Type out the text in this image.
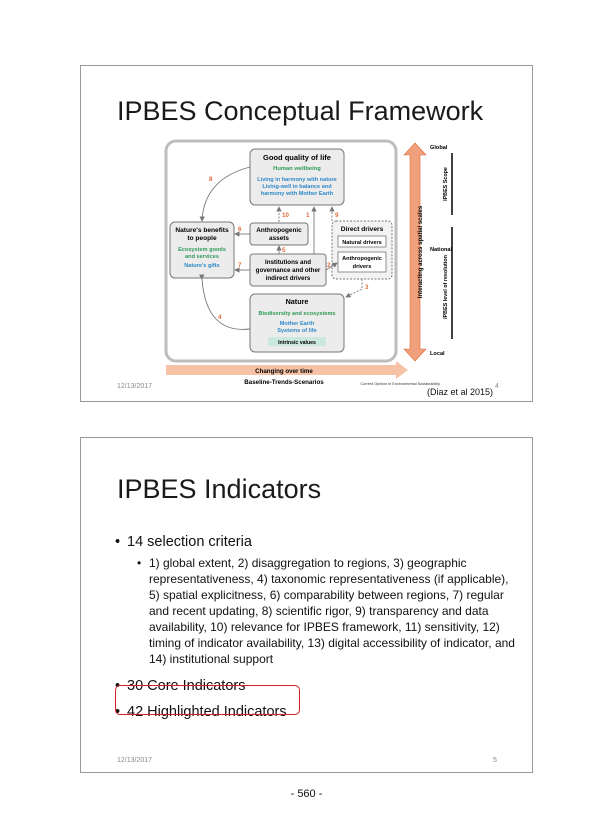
IPBES Conceptual Framework
Good quality of life
Human wellbeing
Living in harmony with nature
Living-well in balance and
harmony with Mother Earth
Nature's benefits
to people
Ecosystem goods
and services
Nature's gifts
Anthropogenic
assets
Institutions and
governance and other
indirect drivers
Direct drivers
Natural drivers
Anthropogenic
drivers
Nature
Biodiversity and ecosystems
Mother Earth
Systems of life
Intrinsic values
8
10	1	9
6
5
7	2
3
4
Interacting across spatial scales
Global
National
Local
IPBES Scope
IPBES level of resolution
Changing over time
Baseline-Trends-Scenarios	Current Opinion in Environmental Sustainability
12/13/2017	4
(Diaz et al 2015)
IPBES Indicators
• 14 selection criteria
• 1) global extent, 2) disaggregation to regions, 3) geographic representativeness, 4) taxonomic representativeness (if applicable), 5) spatial explicitness, 6) comparability between regions, 7) regular and recent updating, 8) scientific rigor, 9) transparency and data availability, 10) relevance for IPBES framework, 11) sensitivity, 12) timing of indicator availability, 13) digital accessibility of indicator, and 14) institutional support
• 30 Core Indicators
• 42 Highlighted Indicators
12/13/2017	5
- 560 -
